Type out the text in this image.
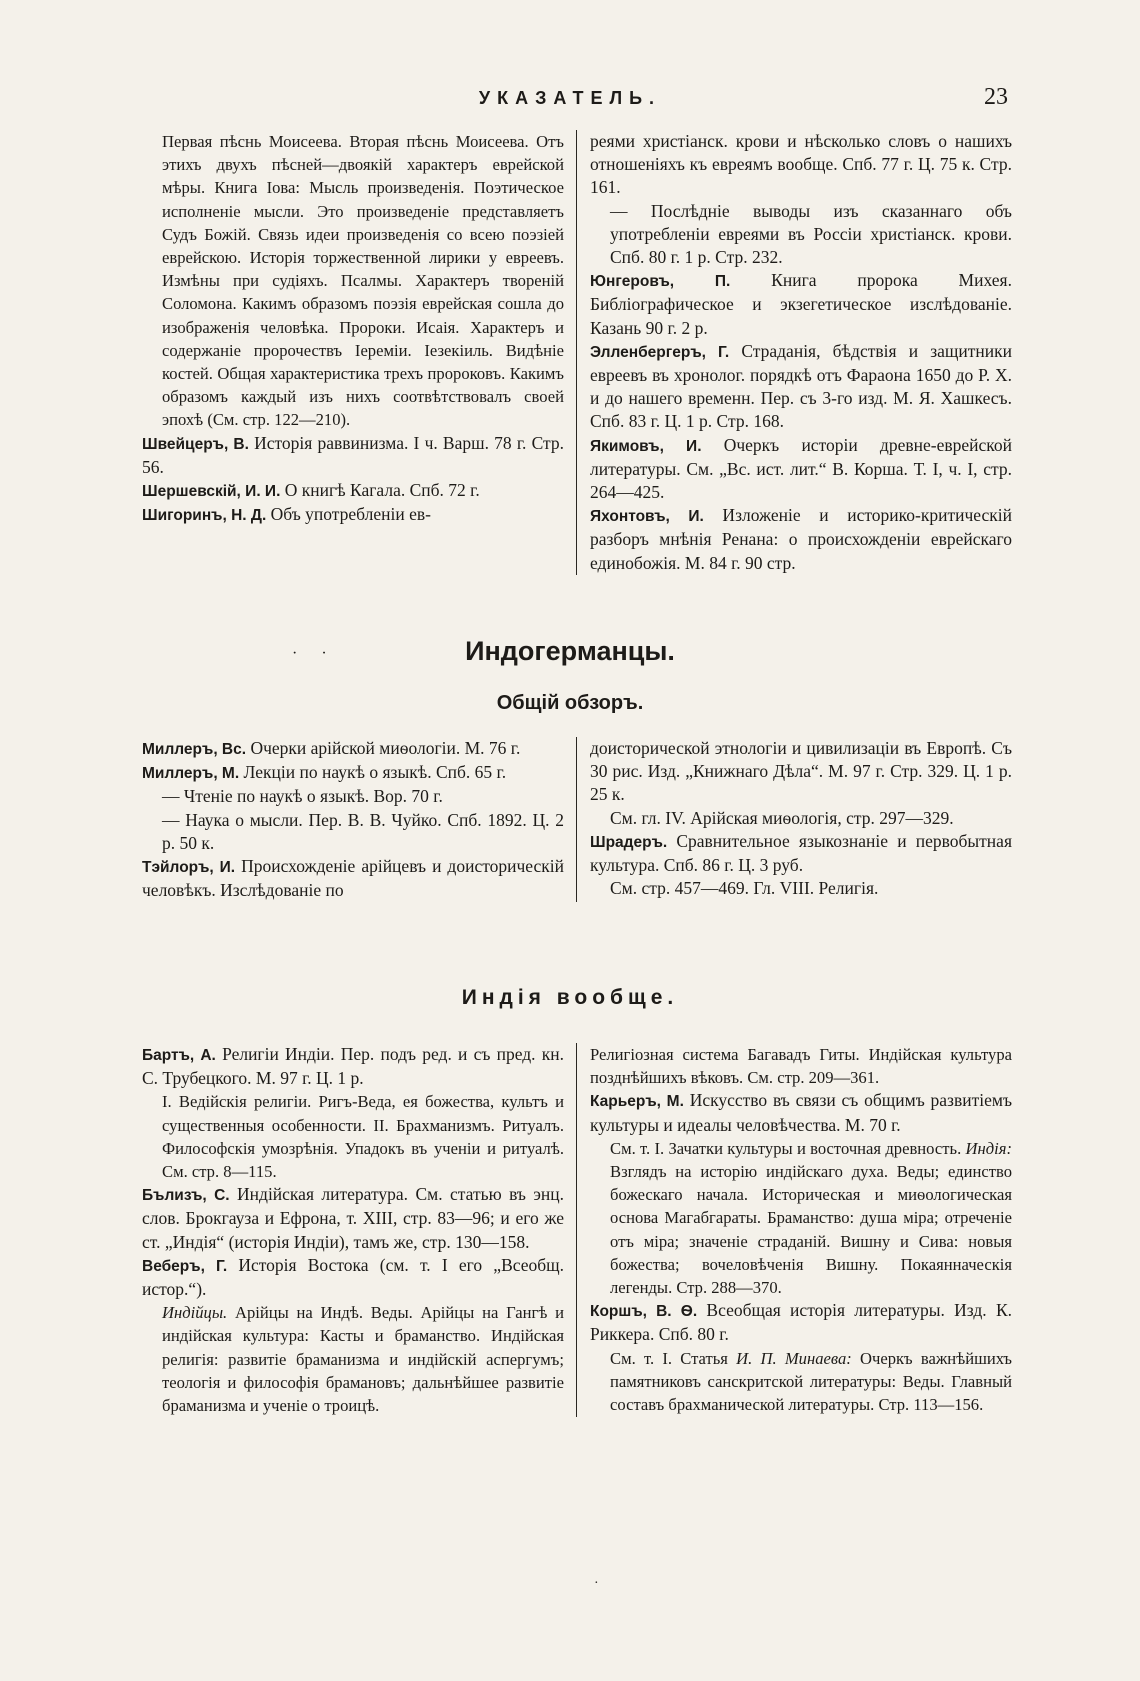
УКАЗАТЕЛЬ.	23

Первая пѣснь Моисеева. Вторая пѣснь Моисеева. Отъ этихъ двухъ пѣсней—двоякій характеръ еврейской мѣры. Книга Іова: Мысль произведенія. Поэтическое исполненіе мысли. Это произведеніе представляетъ Судъ Божій. Связь идеи произведенія со всею поэзіей еврейскою. Исторія торжественной лирики у евреевъ. Измѣны при судіяхъ. Псалмы. Характеръ твореній Соломона. Какимъ образомъ поэзія еврейская сошла до изображенія человѣка. Пророки. Исаія. Характеръ и содержаніе пророчествъ Іереміи. Іезекіиль. Видѣніе костей. Общая характеристика трехъ пророковъ. Какимъ образомъ каждый изъ нихъ соотвѣтствовалъ своей эпохѣ (См. стр. 122—210).

Швейцеръ, В. Исторія раввинизма. I ч. Варш. 78 г. Стр. 56.

Шершевскій, И. И. О книгѣ Кагала. Спб. 72 г.

Шигоринъ, Н. Д. Объ употребленіи ев-

реями христіанск. крови и нѣсколько словъ о нашихъ отношеніяхъ къ евреямъ вообще. Спб. 77 г. Ц. 75 к. Стр. 161.

— Послѣдніе выводы изъ сказаннаго объ употребленіи евреями въ Россіи христіанск. крови. Спб. 80 г. 1 р. Стр. 232.

Юнгеровъ, П. Книга пророка Михея. Библіографическое и экзегетическое изслѣдованіе. Казань 90 г. 2 р.

Элленбергеръ, Г. Страданія, бѣдствія и защитники евреевъ въ хронолог. порядкѣ отъ Фараона 1650 до Р. Х. и до нашего временн. Пер. съ 3-го изд. М. Я. Хашкесъ. Спб. 83 г. Ц. 1 р. Стр. 168.

Якимовъ, И. Очеркъ исторіи древне-еврейской литературы. См. „Вс. ист. лит.“ В. Корша. Т. I, ч. I, стр. 264—425.

Яхонтовъ, И. Изложеніе и историко-критическій разборъ мнѣнія Ренана: о происхожденіи еврейскаго единобожія. М. 84 г. 90 стр.

· ·	Индогерманцы.
Общій обзоръ.

Миллеръ, Вс. Очерки арійской миѳологіи. М. 76 г.

Миллеръ, М. Лекціи по наукѣ о языкѣ. Спб. 65 г.

— Чтеніе по наукѣ о языкѣ. Вор. 70 г.

— Наука о мысли. Пер. В. В. Чуйко. Спб. 1892. Ц. 2 р. 50 к.

Тэйлоръ, И. Происхожденіе арійцевъ и доисторическій человѣкъ. Изслѣдованіе по

доисторической этнологіи и цивилизаціи въ Европѣ. Съ 30 рис. Изд. „Книжнаго Дѣла“. М. 97 г. Стр. 329. Ц. 1 р. 25 к.

См. гл. IV. Арійская миѳологія, стр. 297—329.

Шрадеръ. Сравнительное языкознаніе и первобытная культура. Спб. 86 г. Ц. 3 руб.

См. стр. 457—469. Гл. VIII. Религія.

Индія вообще.

Бартъ, А. Религіи Индіи. Пер. подъ ред. и съ пред. кн. С. Трубецкого. М. 97 г. Ц. 1 р.

I. Ведійскія религіи. Ригъ-Веда, ея божества, культъ и существенныя особенности. II. Брахманизмъ. Ритуалъ. Философскія умозрѣнія. Упадокъ въ ученіи и ритуалѣ. См. стр. 8—115.

Бълизъ, С. Индійская литература. См. статью въ энц. слов. Брокгауза и Ефрона, т. XIII, стр. 83—96; и его же ст. „Индія“ (исторія Индіи), тамъ же, стр. 130—158.

Веберъ, Г. Исторія Востока (см. т. I его „Всеобщ. истор.“).

Индійцы. Арійцы на Индѣ. Веды. Арійцы на Гангѣ и индійская культура: Касты и браманство. Индійская религія: развитіе браманизма и индійскій аспергумъ; теологія и философія брамановъ; дальнѣйшее развитіе браманизма и ученіе о троицѣ.

Религіозная система Багавадъ Гиты. Индійская культура позднѣйшихъ вѣковъ. См. стр. 209—361.

Карьеръ, М. Искусство въ связи съ общимъ развитіемъ культуры и идеалы человѣчества. М. 70 г.

См. т. I. Зачатки культуры и восточная древность. Индія: Взглядъ на исторію индійскаго духа. Веды; единство божескаго начала. Историческая и миѳологическая основа Магабгараты. Браманство: душа міра; отреченіе отъ міра; значеніе страданій. Вишну и Сива: новыя божества; вочеловѣченія Вишну. Покаянначескія легенды. Стр. 288—370.

Коршъ, В. Ѳ. Всеобщая исторія литературы. Изд. К. Риккера. Спб. 80 г.

См. т. I. Статья И. П. Минаева: Очеркъ важнѣйшихъ памятниковъ санскритской литературы: Веды. Главный составъ брахманической литературы. Стр. 113—156.

·
